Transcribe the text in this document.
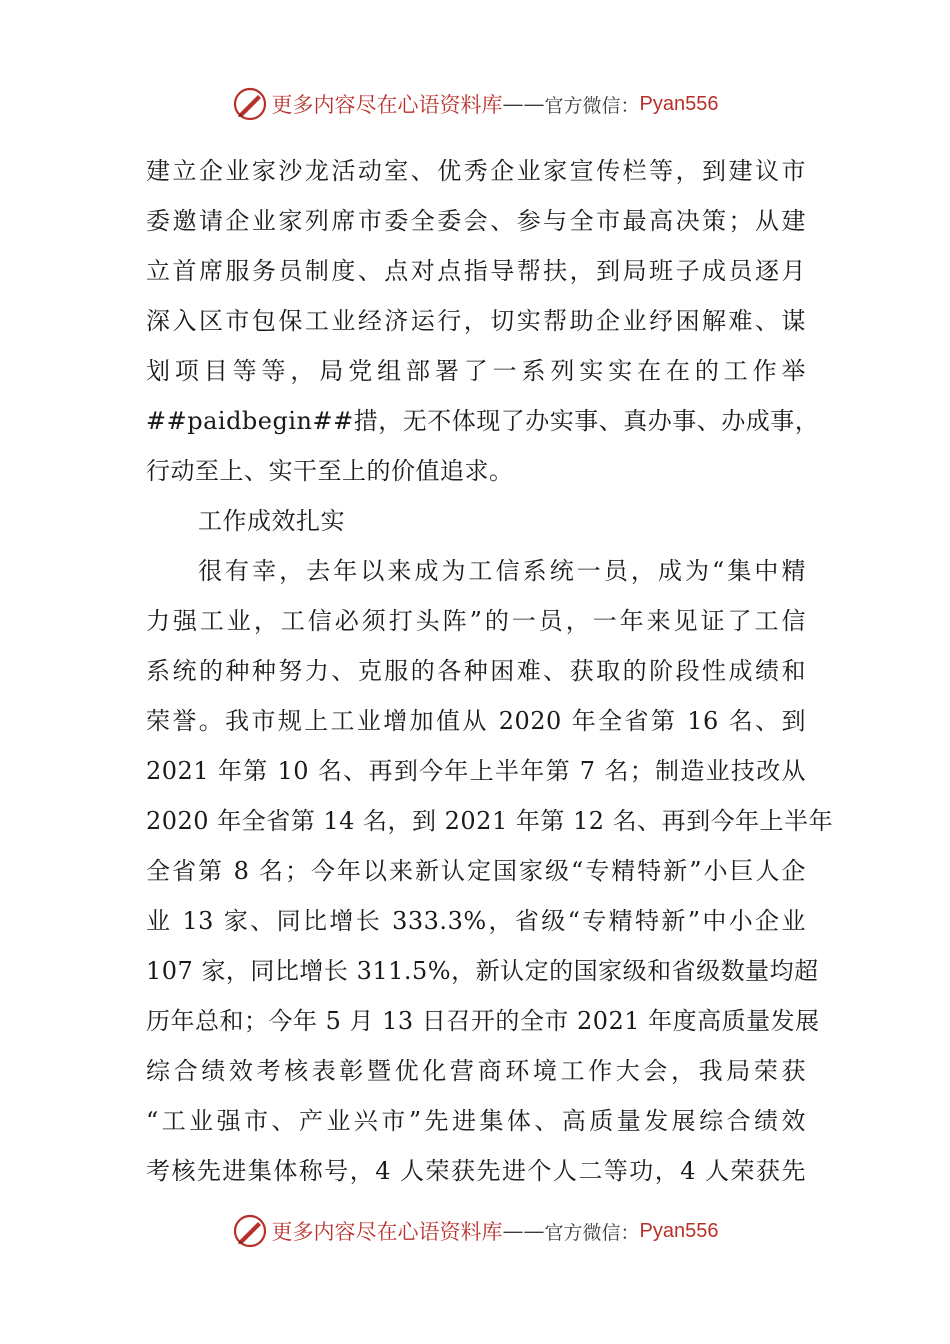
更多内容尽在心语资料库 —— 官方微信： Pyan556
建立企业家沙龙活动室、优秀企业家宣传栏等，到建议市
委邀请企业家列席市委全委会、参与全市最高决策；从建
立首席服务员制度、点对点指导帮扶，到局班子成员逐月
深入区市包保工业经济运行，切实帮助企业纾困解难、谋
划项目等等，局党组部署了一系列实实在在的工作举
##paidbegin##措，无不体现了办实事、真办事、办成事，
行动至上、实干至上的价值追求。
工作成效扎实
很有幸，去年以来成为工信系统一员，成为“集中精
力强工业，工信必须打头阵”的一员，一年来见证了工信
系统的种种努力、克服的各种困难、获取的阶段性成绩和
荣誉。我市规上工业增加值从 2020 年全省第 16 名、到
2021 年第 10 名、再到今年上半年第 7 名；制造业技改从
2020 年全省第 14 名，到 2021 年第 12 名、再到今年上半年
全省第 8 名；今年以来新认定国家级“专精特新”小巨人企
业 13 家、同比增长 333.3%，省级“专精特新”中小企业
107 家，同比增长 311.5%，新认定的国家级和省级数量均超
历年总和；今年 5 月 13 日召开的全市 2021 年度高质量发展
综合绩效考核表彰暨优化营商环境工作大会，我局荣获
“工业强市、产业兴市”先进集体、高质量发展综合绩效
考核先进集体称号，4 人荣获先进个人二等功，4 人荣获先
更多内容尽在心语资料库 —— 官方微信： Pyan556
